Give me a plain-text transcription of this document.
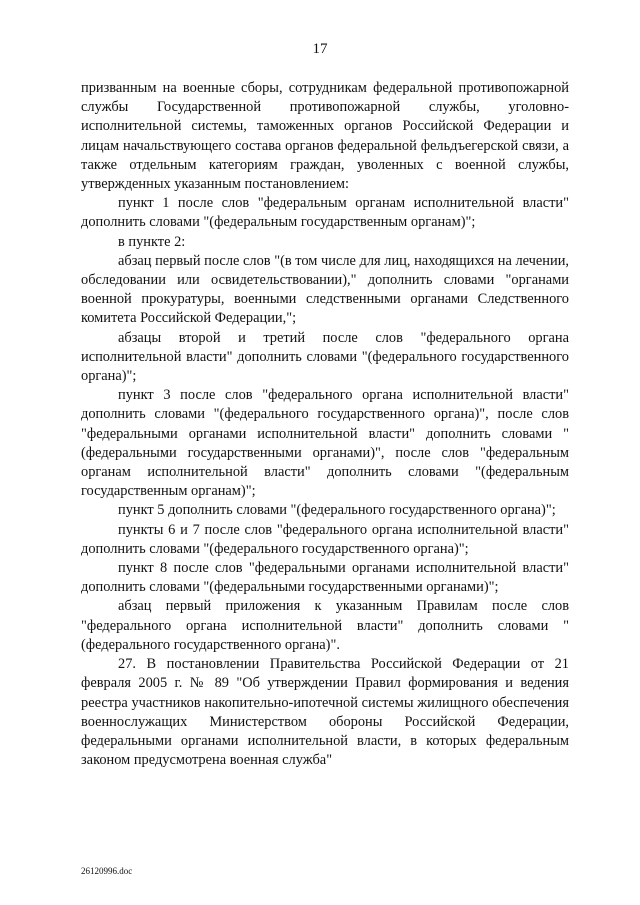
17

призванным на военные сборы, сотрудникам федеральной противопожарной службы Государственной противопожарной службы, уголовно-исполнительной системы, таможенных органов Российской Федерации и лицам начальствующего состава органов федеральной фельдъегерской связи, а также отдельным категориям граждан, уволенных с военной службы, утвержденных указанным постановлением:

пункт 1 после слов "федеральным органам исполнительной власти" дополнить словами "(федеральным государственным органам)";

в пункте 2:

абзац первый после слов "(в том числе для лиц, находящихся на лечении, обследовании или освидетельствовании)," дополнить словами "органами военной прокуратуры, военными следственными органами Следственного комитета Российской Федерации,";

абзацы второй и третий после слов "федерального органа исполнительной власти" дополнить словами "(федерального государственного органа)";

пункт 3 после слов "федерального органа исполнительной власти" дополнить словами "(федерального государственного органа)", после слов "федеральными органами исполнительной власти" дополнить словами "(федеральными государственными органами)", после слов "федеральным органам исполнительной власти" дополнить словами "(федеральным государственным органам)";

пункт 5 дополнить словами "(федерального государственного органа)";

пункты 6 и 7 после слов "федерального органа исполнительной власти" дополнить словами "(федерального государственного органа)";

пункт 8 после слов "федеральными органами исполнительной власти" дополнить словами "(федеральными государственными органами)";

абзац первый приложения к указанным Правилам после слов "федерального органа исполнительной власти" дополнить словами "(федерального государственного органа)".

27. В постановлении Правительства Российской Федерации от 21 февраля 2005 г. № 89 "Об утверждении Правил формирования и ведения реестра участников накопительно-ипотечной системы жилищного обеспечения военнослужащих Министерством обороны Российской Федерации, федеральными органами исполнительной власти, в которых федеральным законом предусмотрена военная служба"

26120996.doc
